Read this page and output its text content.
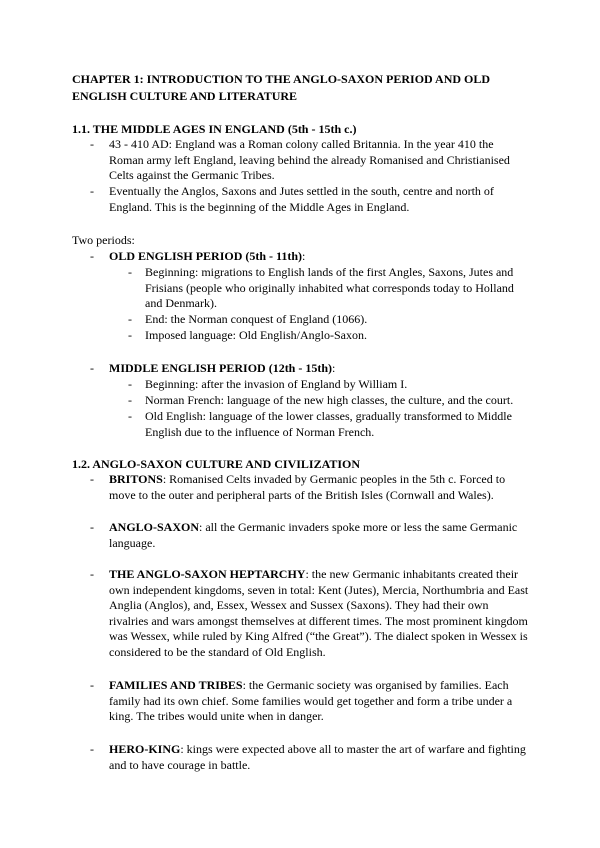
CHAPTER 1: INTRODUCTION TO THE ANGLO-SAXON PERIOD AND OLD ENGLISH CULTURE AND LITERATURE
1.1. THE MIDDLE AGES IN ENGLAND (5th - 15th c.)
- 43 - 410 AD: England was a Roman colony called Britannia. In the year 410 the Roman army left England, leaving behind the already Romanised and Christianised Celts against the Germanic Tribes.
- Eventually the Anglos, Saxons and Jutes settled in the south, centre and north of England. This is the beginning of the Middle Ages in England.
Two periods:
- OLD ENGLISH PERIOD (5th - 11th):
- Beginning: migrations to English lands of the first Angles, Saxons, Jutes and Frisians (people who originally inhabited what corresponds today to Holland and Denmark).
- End: the Norman conquest of England (1066).
- Imposed language: Old English/Anglo-Saxon.
- MIDDLE ENGLISH PERIOD (12th - 15th):
- Beginning: after the invasion of England by William I.
- Norman French: language of the new high classes, the culture, and the court.
- Old English: language of the lower classes, gradually transformed to Middle English due to the influence of Norman French.
1.2. ANGLO-SAXON CULTURE AND CIVILIZATION
- BRITONS: Romanised Celts invaded by Germanic peoples in the 5th c. Forced to move to the outer and peripheral parts of the British Isles (Cornwall and Wales).
- ANGLO-SAXON: all the Germanic invaders spoke more or less the same Germanic language.
- THE ANGLO-SAXON HEPTARCHY: the new Germanic inhabitants created their own independent kingdoms, seven in total: Kent (Jutes), Mercia, Northumbria and East Anglia (Anglos), and, Essex, Wessex and Sussex (Saxons). They had their own rivalries and wars amongst themselves at different times. The most prominent kingdom was Wessex, while ruled by King Alfred (“the Great”). The dialect spoken in Wessex is considered to be the standard of Old English.
- FAMILIES AND TRIBES: the Germanic society was organised by families. Each family had its own chief. Some families would get together and form a tribe under a king. The tribes would unite when in danger.
- HERO-KING: kings were expected above all to master the art of warfare and fighting and to have courage in battle.
